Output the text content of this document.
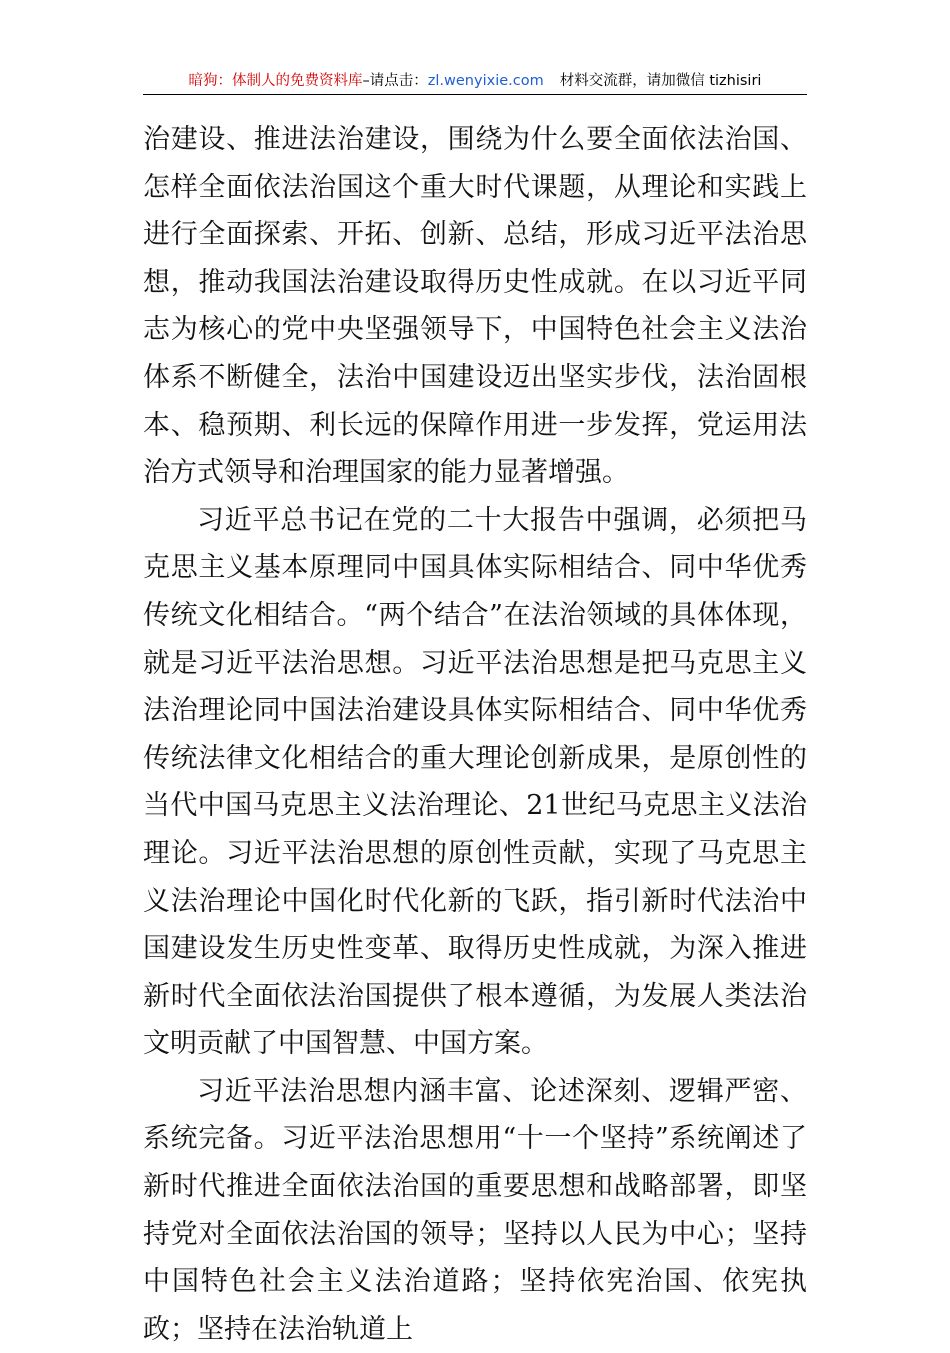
暗狗：体制人的免费资料库–请点击：zl.wenyixie.com 材料交流群，请加微信 tizhisiri

治建设、推进法治建设，围绕为什么要全面依法治国、怎样全面依法治国这个重大时代课题，从理论和实践上进行全面探索、开拓、创新、总结，形成习近平法治思想，推动我国法治建设取得历史性成就。在以习近平同志为核心的党中央坚强领导下，中国特色社会主义法治体系不断健全，法治中国建设迈出坚实步伐，法治固根本、稳预期、利长远的保障作用进一步发挥，党运用法治方式领导和治理国家的能力显著增强。

习近平总书记在党的二十大报告中强调，必须把马克思主义基本原理同中国具体实际相结合、同中华优秀传统文化相结合。“两个结合”在法治领域的具体体现，就是习近平法治思想。习近平法治思想是把马克思主义法治理论同中国法治建设具体实际相结合、同中华优秀传统法律文化相结合的重大理论创新成果，是原创性的当代中国马克思主义法治理论、21世纪马克思主义法治理论。习近平法治思想的原创性贡献，实现了马克思主义法治理论中国化时代化新的飞跃，指引新时代法治中国建设发生历史性变革、取得历史性成就，为深入推进新时代全面依法治国提供了根本遵循，为发展人类法治文明贡献了中国智慧、中国方案。

习近平法治思想内涵丰富、论述深刻、逻辑严密、系统完备。习近平法治思想用“十一个坚持”系统阐述了新时代推进全面依法治国的重要思想和战略部署，即坚持党对全面依法治国的领导；坚持以人民为中心；坚持中国特色社会主义法治道路；坚持依宪治国、依宪执政；坚持在法治轨道上
